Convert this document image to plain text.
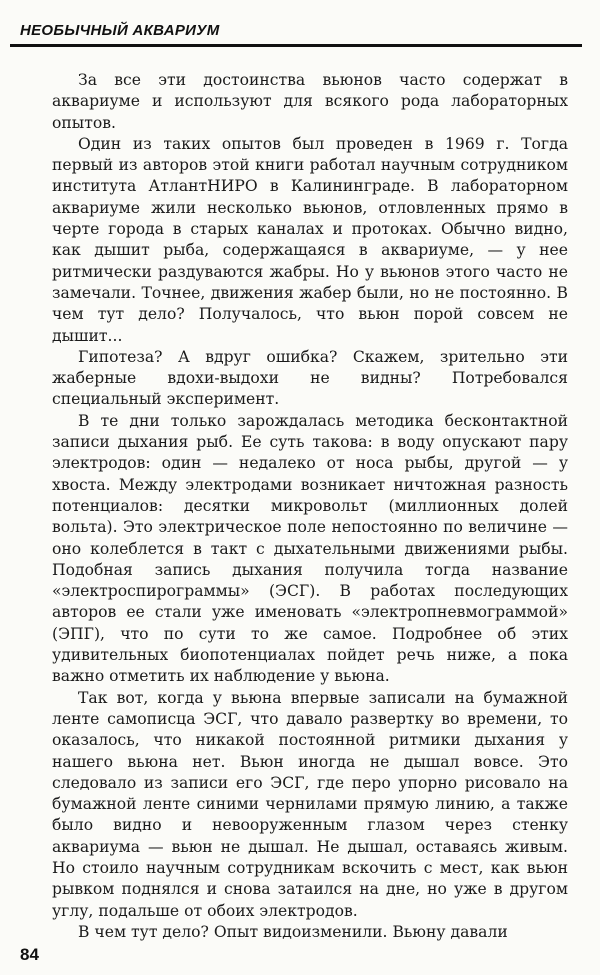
НЕОБЫЧНЫЙ АКВАРИУМ

За все эти достоинства вьюнов часто содержат в аквариуме и используют для всякого рода лабораторных опытов.

Один из таких опытов был проведен в 1969 г. Тогда первый из авторов этой книги работал научным сотрудником института АтлантНИРО в Калининграде. В лабораторном аквариуме жили несколько вьюнов, отловленных прямо в черте города в старых каналах и протоках. Обычно видно, как дышит рыба, содержащаяся в аквариуме, — у нее ритмически раздуваются жабры. Но у вьюнов этого часто не замечали. Точнее, движения жабер были, но не постоянно. В чем тут дело? Получалось, что вьюн порой совсем не дышит...

Гипотеза? А вдруг ошибка? Скажем, зрительно эти жаберные вдохи-выдохи не видны? Потребовался специальный эксперимент.

В те дни только зарождалась методика бесконтактной записи дыхания рыб. Ее суть такова: в воду опускают пару электродов: один — недалеко от носа рыбы, другой — у хвоста. Между электродами возникает ничтожная разность потенциалов: десятки микровольт (миллионных долей вольта). Это электрическое поле непостоянно по величине — оно колеблется в такт с дыхательными движениями рыбы. Подобная запись дыхания получила тогда название «электроспирограммы» (ЭСГ). В работах последующих авторов ее стали уже именовать «электропневмограммой» (ЭПГ), что по сути то же самое. Подробнее об этих удивительных биопотенциалах пойдет речь ниже, а пока важно отметить их наблюдение у вьюна.

Так вот, когда у вьюна впервые записали на бумажной ленте самописца ЭСГ, что давало развертку во времени, то оказалось, что никакой постоянной ритмики дыхания у нашего вьюна нет. Вьюн иногда не дышал вовсе. Это следовало из записи его ЭСГ, где перо упорно рисовало на бумажной ленте синими чернилами прямую линию, а также было видно и невооруженным глазом через стенку аквариума — вьюн не дышал. Не дышал, оставаясь живым. Но стоило научным сотрудникам вскочить с мест, как вьюн рывком поднялся и снова затаился на дне, но уже в другом углу, подальше от обоих электродов.

В чем тут дело? Опыт видоизменили. Вьюну давали

84
